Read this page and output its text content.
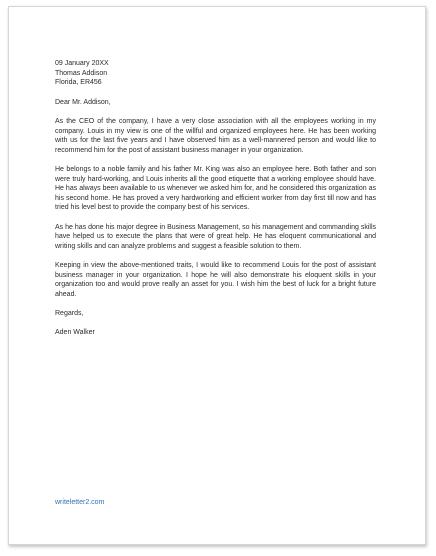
09 January 20XX
Thomas Addison
Florida, ER456
Dear Mr. Addison,
As the CEO of the company, I have a very close association with all the employees working in my company. Louis in my view is one of the willful and organized employees here. He has been working with us for the last five years and I have observed him as a well-mannered person and would like to recommend him for the post of assistant business manager in your organization.
He belongs to a noble family and his father Mr. King was also an employee here. Both father and son were truly hard-working, and Louis inherits all the good etiquette that a working employee should have. He has always been available to us whenever we asked him for, and he considered this organization as his second home. He has proved a very hardworking and efficient worker from day first till now and has tried his level best to provide the company best of his services.
As he has done his major degree in Business Management, so his management and commanding skills have helped us to execute the plans that were of great help. He has eloquent communicational and writing skills and can analyze problems and suggest a feasible solution to them.
Keeping in view the above-mentioned traits, I would like to recommend Louis for the post of assistant business manager in your organization. I hope he will also demonstrate his eloquent skills in your organization too and would prove really an asset for you. I wish him the best of luck for a bright future ahead.
Regards,
Aden Walker
writeletter2.com
